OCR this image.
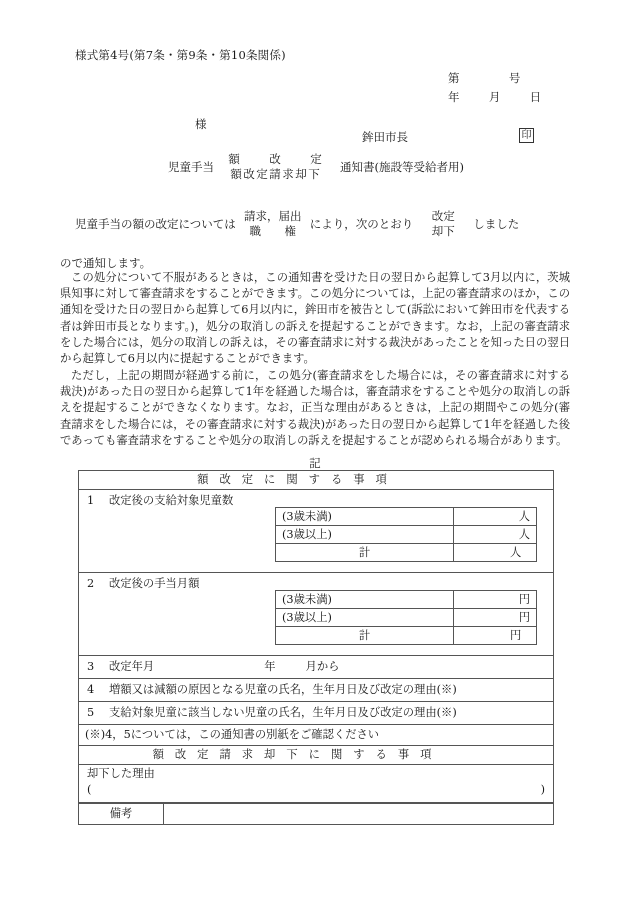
様式第4号(第7条・第9条・第10条関係)
第	号
年	月	日
様
鉾田市長	印
児童手当
額　改　定
額改定請求却下	通知書(施設等受給者用)
児童手当の額の改定については
請求，届出
職　権 により，次のとおり
改定
却下	しました
ので通知します。
この処分について不服があるときは，この通知書を受けた日の翌日から起算して3月以内に，茨城県知事に対して審査請求をすることができます。この処分については，上記の審査請求のほか，この通知を受けた日の翌日から起算して6月以内に，鉾田市を被告として(訴訟において鉾田市を代表する者は鉾田市長となります。)，処分の取消しの訴えを提起することができます。なお，上記の審査請求をした場合には，処分の取消しの訴えは，その審査請求に対する裁決があったことを知った日の翌日から起算して6月以内に提起することができます。
ただし，上記の期間が経過する前に，この処分(審査請求をした場合には，その審査請求に対する裁決)があった日の翌日から起算して1年を経過した場合は，審査請求をすることや処分の取消しの訴えを提起することができなくなります。なお，正当な理由があるときは，上記の期間やこの処分(審査請求をした場合には，その審査請求に対する裁決)があった日の翌日から起算して1年を経過した後であっても審査請求をすることや処分の取消しの訴えを提起することが認められる場合があります。
記
額改定に関する事項

1 改定後の支給対象児童数
(3歳未満)	人
(3歳以上)	人
計	人

2 改定後の手当月額
(3歳未満)	円
(3歳以上)	円
計	円

3 改定年月	年	月から
4 増額又は減額の原因となる児童の氏名，生年月日及び改定の理由(※)
5 支給対象児童に該当しない児童の氏名，生年月日及び改定の理由(※)
(※)4，5については，この通知書の別紙をご確認ください
額改定請求却下に関する事項
却下した理由
(	)

備考	
